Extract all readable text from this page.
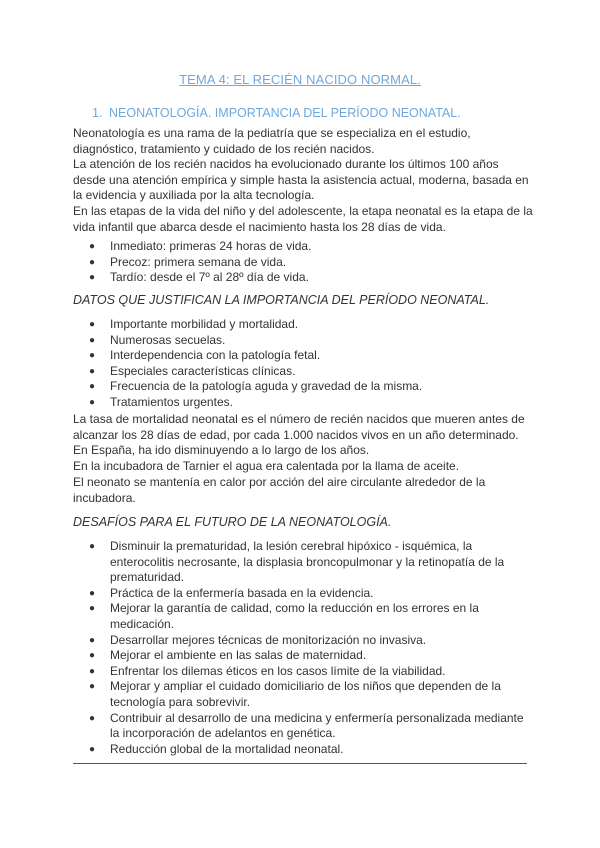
TEMA 4: EL RECIÉN NACIDO NORMAL.
1. NEONATOLOGÍA. IMPORTANCIA DEL PERÍODO NEONATAL.

Neonatología es una rama de la pediatría que se especializa en el estudio, diagnóstico, tratamiento y cuidado de los recién nacidos.

La atención de los recién nacidos ha evolucionado durante los últimos 100 años desde una atención empírica y simple hasta la asistencia actual, moderna, basada en la evidencia y auxiliada por la alta tecnología.

En las etapas de la vida del niño y del adolescente, la etapa neonatal es la etapa de la vida infantil que abarca desde el nacimiento hasta los 28 días de vida.

● Inmediato: primeras 24 horas de vida.
● Precoz: primera semana de vida.
● Tardío: desde el 7º al 28º día de vida.
DATOS QUE JUSTIFICAN LA IMPORTANCIA DEL PERÍODO NEONATAL.
● Importante morbilidad y mortalidad.
● Numerosas secuelas.
● Interdependencia con la patología fetal.
● Especiales características clínicas.
● Frecuencia de la patología aguda y gravedad de la misma.
● Tratamientos urgentes.

La tasa de mortalidad neonatal es el número de recién nacidos que mueren antes de alcanzar los 28 días de edad, por cada 1.000 nacidos vivos en un año determinado. En España, ha ido disminuyendo a lo largo de los años.

En la incubadora de Tarnier el agua era calentada por la llama de aceite.

El neonato se mantenía en calor por acción del aire circulante alrededor de la incubadora.

DESAFÍOS PARA EL FUTURO DE LA NEONATOLOGÍA.
● Disminuir la prematuridad, la lesión cerebral hipóxico - isquémica, la enterocolitis necrosante, la displasia broncopulmonar y la retinopatía de la prematuridad.
● Práctica de la enfermería basada en la evidencia.
● Mejorar la garantía de calidad, como la reducción en los errores en la medicación.
● Desarrollar mejores técnicas de monitorización no invasiva.
● Mejorar el ambiente en las salas de maternidad.
● Enfrentar los dilemas éticos en los casos límite de la viabilidad.
● Mejorar y ampliar el cuidado domiciliario de los niños que dependen de la tecnología para sobrevivir.
● Contribuir al desarrollo de una medicina y enfermería personalizada mediante la incorporación de adelantos en genética.
● Reducción global de la mortalidad neonatal.
